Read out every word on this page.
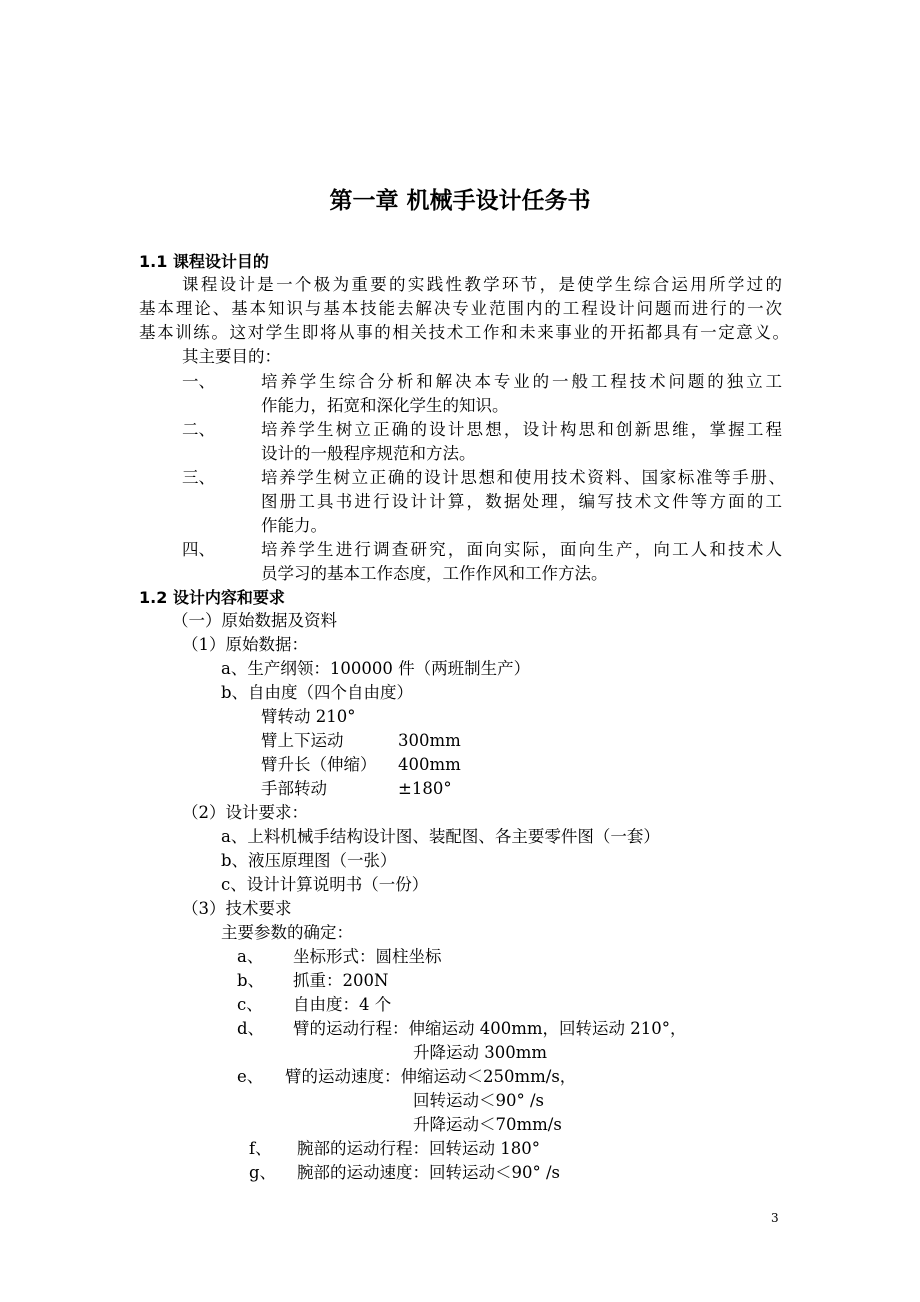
第一章 机械手设计任务书
1.1 课程设计目的
课程设计是一个极为重要的实践性教学环节，是使学生综合运用所学过的
基本理论、基本知识与基本技能去解决专业范围内的工程设计问题而进行的一次
基本训练。这对学生即将从事的相关技术工作和未来事业的开拓都具有一定意义。
其主要目的：
一、	培养学生综合分析和解决本专业的一般工程技术问题的独立工
作能力，拓宽和深化学生的知识。
二、	培养学生树立正确的设计思想，设计构思和创新思维，掌握工程
设计的一般程序规范和方法。
三、	培养学生树立正确的设计思想和使用技术资料、国家标准等手册、
图册工具书进行设计计算，数据处理，编写技术文件等方面的工
作能力。
四、	培养学生进行调查研究，面向实际，面向生产，向工人和技术人
员学习的基本工作态度，工作作风和工作方法。
1.2 设计内容和要求
（一）原始数据及资料
（1）原始数据：
a、生产纲领：100000 件（两班制生产）
b、自由度（四个自由度）
臂转动 210°
臂上下运动	300mm
臂升长（伸缩） 400mm
手部转动	±180°
（2）设计要求：
a、上料机械手结构设计图、装配图、各主要零件图（一套）
b、液压原理图（一张）
c、设计计算说明书（一份）
（3）技术要求
主要参数的确定：
a、 坐标形式：圆柱坐标
b、 抓重：200N
c、 自由度：4 个
d、 臂的运动行程：伸缩运动 400mm，回转运动 210°，
升降运动 300mm
e、 臂的运动速度：伸缩运动＜250mm/s，
回转运动＜90° /s
升降运动＜70mm/s
f、 腕部的运动行程：回转运动 180°
g、 腕部的运动速度：回转运动＜90° /s
3
